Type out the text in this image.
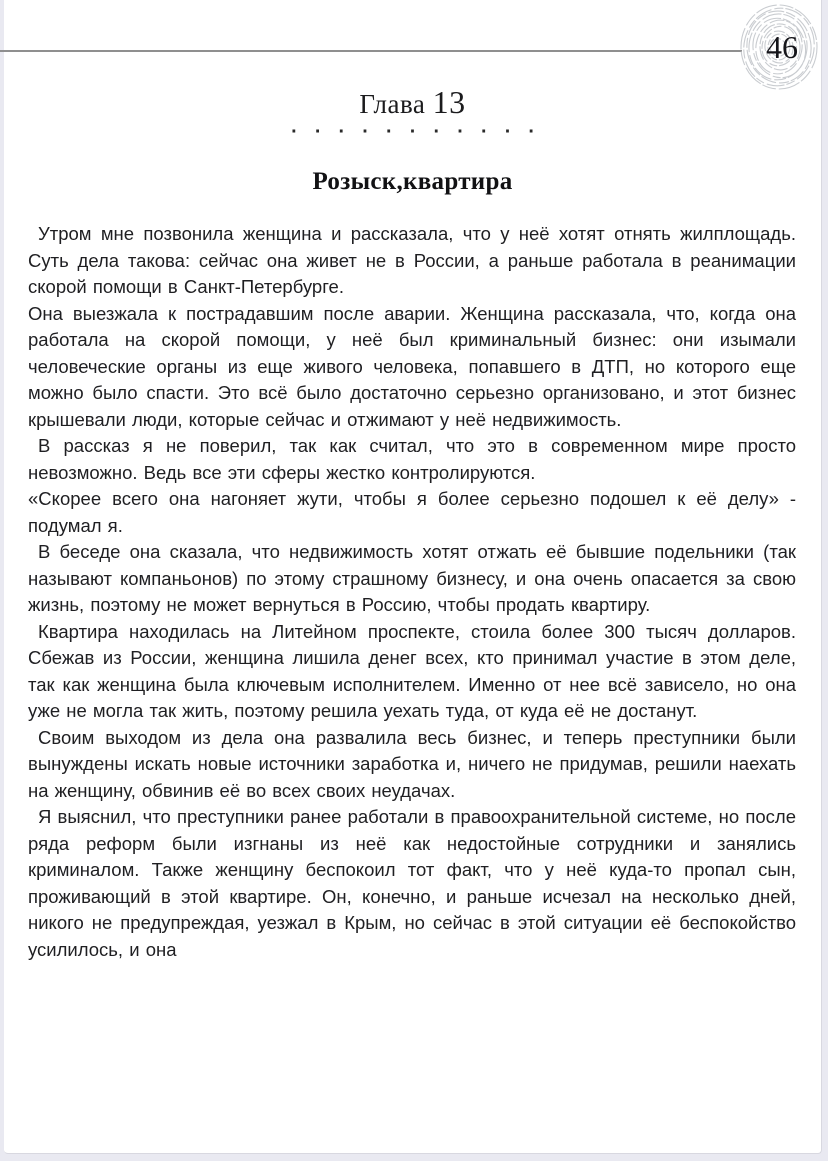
46
Глава 13
···········
Розыск,квартира

Утром мне позвонила женщина и рассказала, что у неё хотят отнять жилплощадь. Суть дела такова: сейчас она живет не в России, а раньше работала в реанимации скорой помощи в Санкт-Петербурге.

Она выезжала к пострадавшим после аварии. Женщина рассказала, что, когда она работала на скорой помощи, у неё был криминальный бизнес: они изымали человеческие органы из еще живого человека, попавшего в ДТП, но которого еще можно было спасти. Это всё было достаточно серьезно организовано, и этот бизнес крышевали люди, которые сейчас и отжимают у неё недвижимость.

В рассказ я не поверил, так как считал, что это в современном мире просто невозможно. Ведь все эти сферы жестко контролируются.

«Скорее всего она нагоняет жути, чтобы я более серьезно подошел к её делу» - подумал я.

В беседе она сказала, что недвижимость хотят отжать её бывшие подельники (так называют компаньонов) по этому страшному бизнесу, и она очень опасается за свою жизнь, поэтому не может вернуться в Россию, чтобы продать квартиру.

Квартира находилась на Литейном проспекте, стоила более 300 тысяч долларов. Сбежав из России, женщина лишила денег всех, кто принимал участие в этом деле, так как женщина была ключевым исполнителем. Именно от нее всё зависело, но она уже не могла так жить, поэтому решила уехать туда, от куда её не достанут.

Своим выходом из дела она развалила весь бизнес, и теперь преступники были вынуждены искать новые источники заработка и, ничего не придумав, решили наехать на женщину, обвинив её во всех своих неудачах.

Я выяснил, что преступники ранее работали в правоохранительной системе, но после ряда реформ были изгнаны из неё как недостойные сотрудники и занялись криминалом. Также женщину беспокоил тот факт, что у неё куда-то пропал сын, проживающий в этой квартире. Он, конечно, и раньше исчезал на несколько дней, никого не предупреждая, уезжал в Крым, но сейчас в этой ситуации её беспокойство усилилось, и она
